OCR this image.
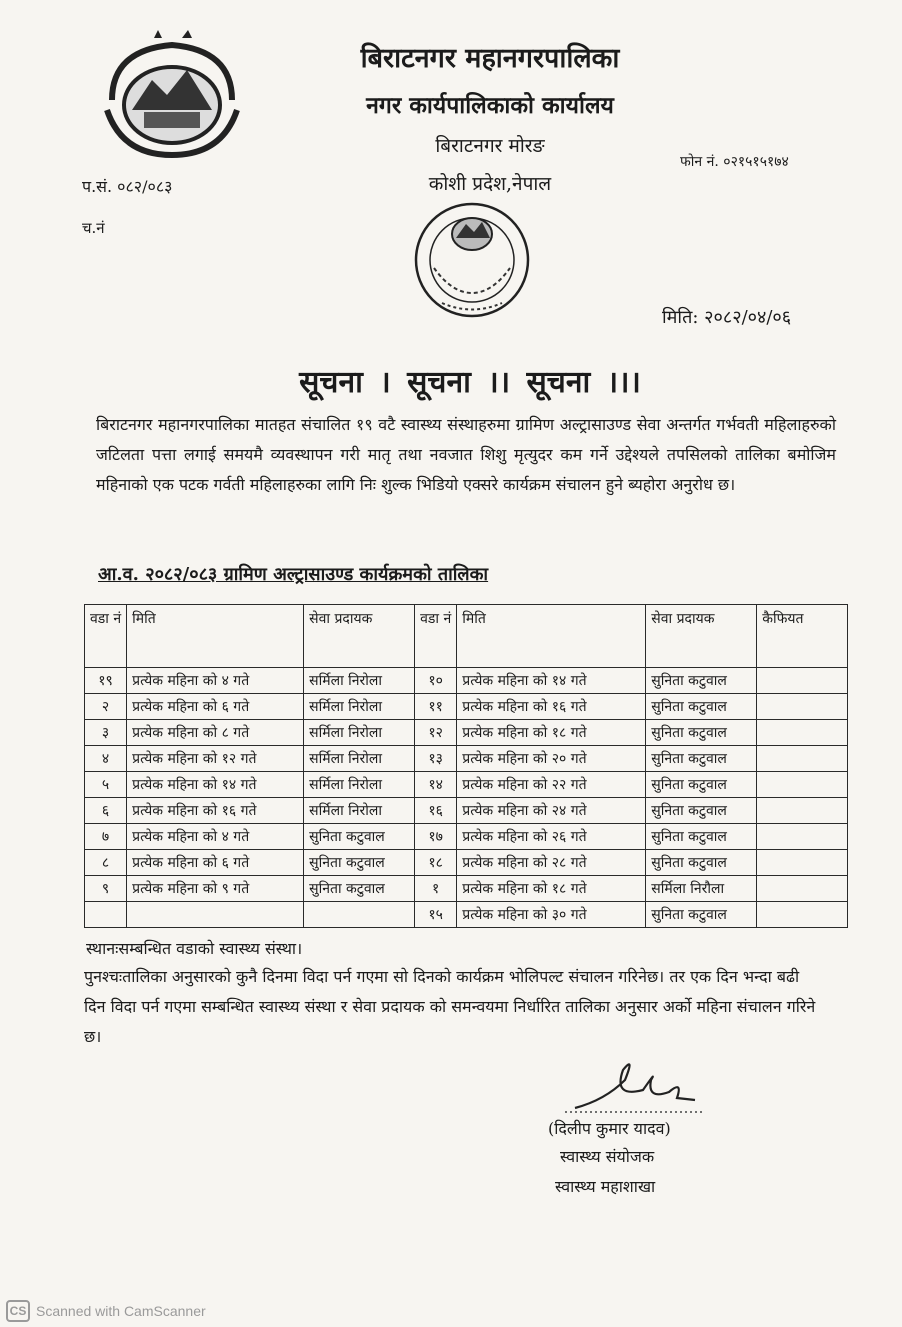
बिराटनगर महानगरपालिका
नगर कार्यपालिकाको कार्यालय
बिराटनगर मोरङ
कोशी प्रदेश,नेपाल
फोन नं. ०२१५१५१७४
प.सं. ०८२/०८३
च.नं
मिति: २०८२/०४/०६
सूचना । सूचना ।। सूचना ।।।
बिराटनगर महानगरपालिका मातहत संचालित १९ वटै स्वास्थ्य संस्थाहरुमा ग्रामिण अल्ट्रासाउण्ड सेवा अन्तर्गत गर्भवती महिलाहरुको जटिलता पत्ता लगाई समयमै व्यवस्थापन गरी मातृ तथा नवजात शिशु मृत्युदर कम गर्ने उद्देश्यले तपसिलको तालिका बमोजिम महिनाको एक पटक गर्वती महिलाहरुका लागि निः शुल्क भिडियो एक्सरे कार्यक्रम संचालन हुने ब्यहोरा अनुरोध छ।
आ.व. २०८२/०८३ ग्रामिण अल्ट्रासाउण्ड कार्यक्रमको तालिका
वडा नं	मिति	सेवा प्रदायक	वडा नं	मिति	सेवा प्रदायक	कैफियत
१९	प्रत्येक महिना को ४ गते	सर्मिला निरोला	१०	प्रत्येक महिना को १४ गते	सुनिता कटुवाल	
२	प्रत्येक महिना को ६ गते	सर्मिला निरोला	११	प्रत्येक महिना को १६ गते	सुनिता कटुवाल	
३	प्रत्येक महिना को ८ गते	सर्मिला निरोला	१२	प्रत्येक महिना को १८ गते	सुनिता कटुवाल	
४	प्रत्येक महिना को १२ गते	सर्मिला निरोला	१३	प्रत्येक महिना को २० गते	सुनिता कटुवाल	
५	प्रत्येक महिना को १४ गते	सर्मिला निरोला	१४	प्रत्येक महिना को २२ गते	सुनिता कटुवाल	
६	प्रत्येक महिना को १६ गते	सर्मिला निरोला	१६	प्रत्येक महिना को २४ गते	सुनिता कटुवाल	
७	प्रत्येक महिना को ४ गते	सुनिता कटुवाल	१७	प्रत्येक महिना को २६ गते	सुनिता कटुवाल	
८	प्रत्येक महिना को ६ गते	सुनिता कटुवाल	१८	प्रत्येक महिना को २८ गते	सुनिता कटुवाल	
९	प्रत्येक महिना को ९ गते	सुनिता कटुवाल	१	प्रत्येक महिना को १८ गते	सर्मिला निरौला	
			१५	प्रत्येक महिना को ३० गते	सुनिता कटुवाल	
स्थानःसम्बन्धित वडाको स्वास्थ्य संस्था।
पुनश्चःतालिका अनुसारको कुनै दिनमा विदा पर्न गएमा सो दिनको कार्यक्रम भोलिपल्ट संचालन गरिनेछ। तर एक दिन भन्दा बढी दिन विदा पर्न गएमा सम्बन्धित स्वास्थ्य संस्था र सेवा प्रदायक को समन्वयमा निर्धारित तालिका अनुसार अर्को महिना संचालन गरिने छ।
(दिलीप कुमार यादव)
स्वास्थ्य संयोजक
स्वास्थ्य महाशाखा
CS Scanned with CamScanner
